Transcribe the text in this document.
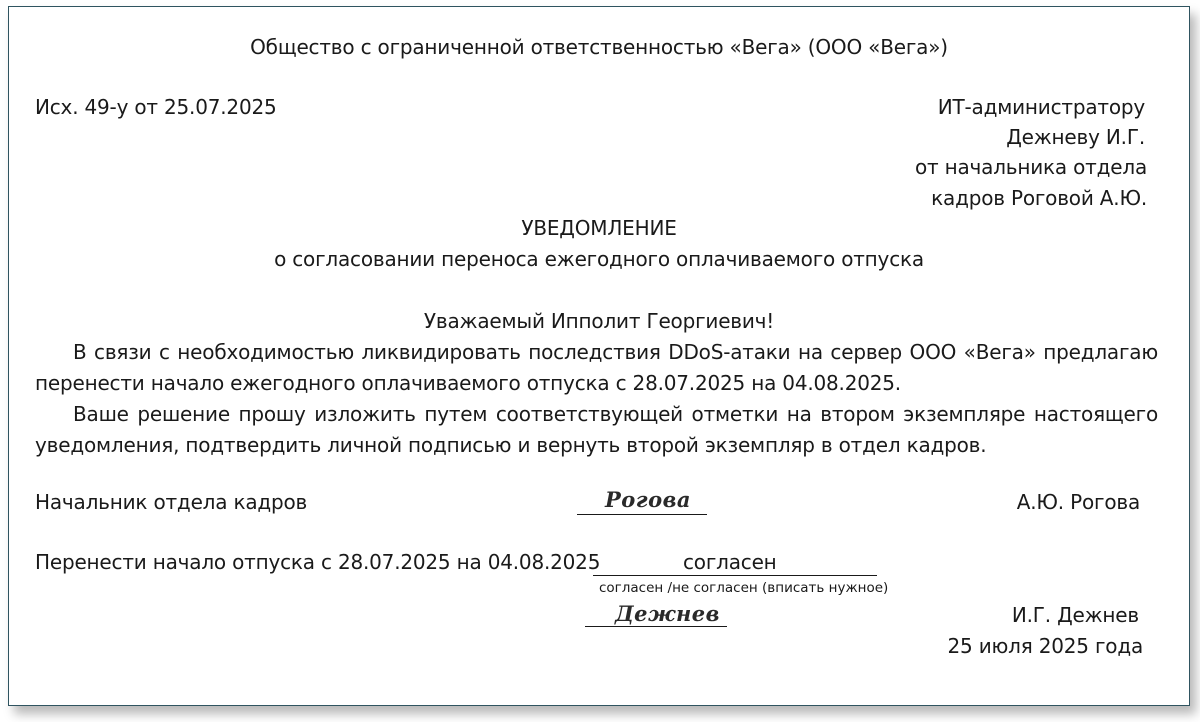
Общество с ограниченной ответственностью «Вега» (ООО «Вега»)
Исх. 49-у от 25.07.2025	ИТ-администратору
Дежневу И.Г.
от начальника отдела
кадров Роговой А.Ю.
УВЕДОМЛЕНИЕ
о согласовании переноса ежегодного оплачиваемого отпуска
Уважаемый Ипполит Георгиевич!
В связи с необходимостью ликвидировать последствия DDoS-атаки на сервер ООО «Вега» предлагаю перенести начало ежегодного оплачиваемого отпуска с 28.07.2025 на 04.08.2025.
Ваше решение прошу изложить путем соответствующей отметки на втором экземпляре настоящего уведомления, подтвердить личной подписью и вернуть второй экземпляр в отдел кадров.
Начальник отдела кадров	Рогова	А.Ю. Рогова
Перенести начало отпуска с 28.07.2025 на 04.08.2025	согласен
согласен /не согласен (вписать нужное)
Дежнев	И.Г. Дежнев
25 июля 2025 года
